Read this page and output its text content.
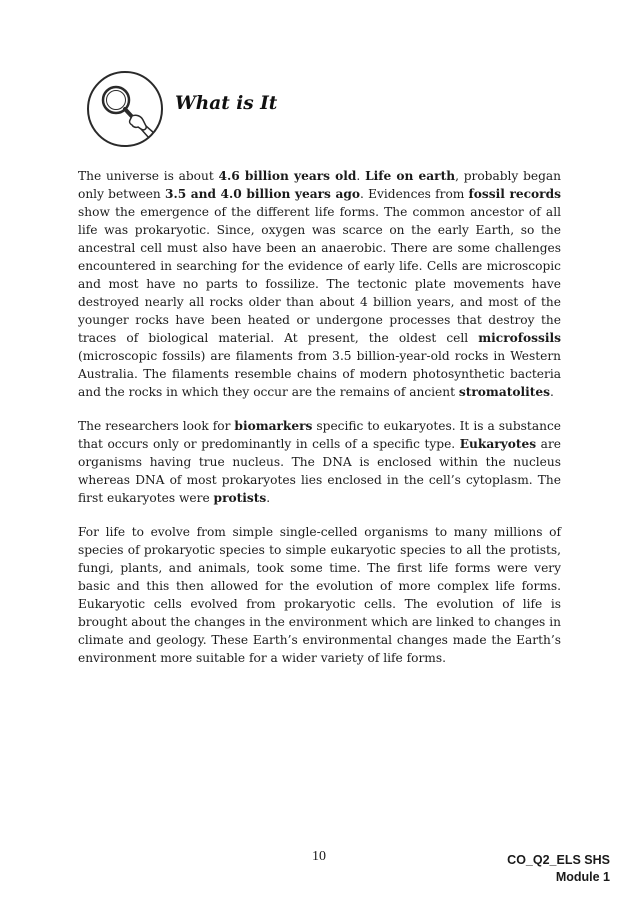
What is It

The universe is about 4.6 billion years old. Life on earth, probably began only between 3.5 and 4.0 billion years ago. Evidences from fossil records show the emergence of the different life forms. The common ancestor of all life was prokaryotic. Since, oxygen was scarce on the early Earth, so the ancestral cell must also have been an anaerobic. There are some challenges encountered in searching for the evidence of early life. Cells are microscopic and most have no parts to fossilize. The tectonic plate movements have destroyed nearly all rocks older than about 4 billion years, and most of the younger rocks have been heated or undergone processes that destroy the traces of biological material. At present, the oldest cell microfossils (microscopic fossils) are filaments from 3.5 billion-year-old rocks in Western Australia. The filaments resemble chains of modern photosynthetic bacteria and the rocks in which they occur are the remains of ancient stromatolites.

The researchers look for biomarkers specific to eukaryotes. It is a substance that occurs only or predominantly in cells of a specific type. Eukaryotes are organisms having true nucleus. The DNA is enclosed within the nucleus whereas DNA of most prokaryotes lies enclosed in the cell’s cytoplasm. The first eukaryotes were protists.

For life to evolve from simple single-celled organisms to many millions of species of prokaryotic species to simple eukaryotic species to all the protists, fungi, plants, and animals, took some time. The first life forms were very basic and this then allowed for the evolution of more complex life forms. Eukaryotic cells evolved from prokaryotic cells. The evolution of life is brought about the changes in the environment which are linked to changes in climate and geology. These Earth’s environmental changes made the Earth’s environment more suitable for a wider variety of life forms.

10	CO_Q2_ELS SHS
Module 1
